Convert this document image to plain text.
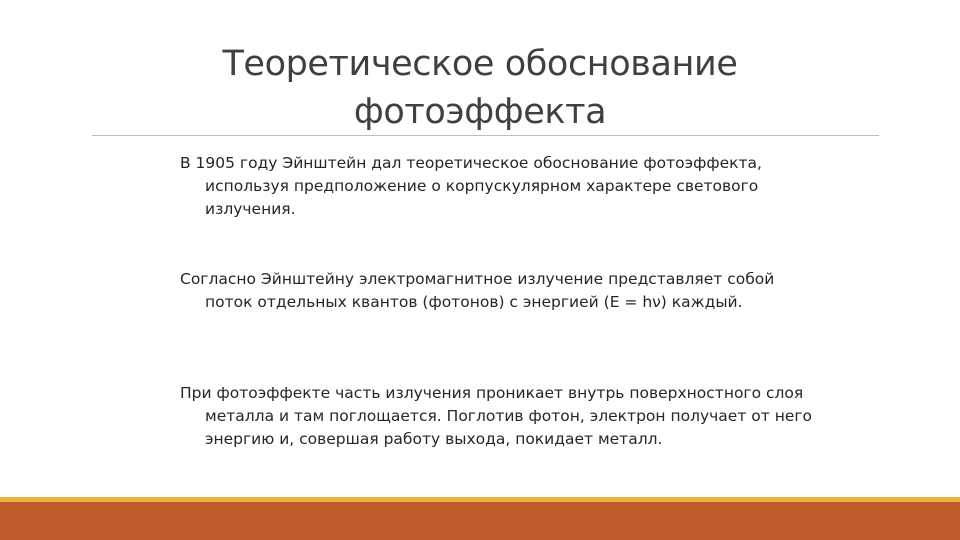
Теоретическое обоснование
фотоэффекта

В 1905 году Эйнштейн дал теоретическое обоснование фотоэффекта, используя предположение о корпускулярном характере светового излучения.

Согласно Эйнштейну электромагнитное излучение представляет собой поток отдельных квантов (фотонов) с энергией (E = hν) каждый.

При фотоэффекте часть излучения проникает внутрь поверхностного слоя металла и там поглощается. Поглотив фотон, электрон получает от него энергию и, совершая работу выхода, покидает металл.
